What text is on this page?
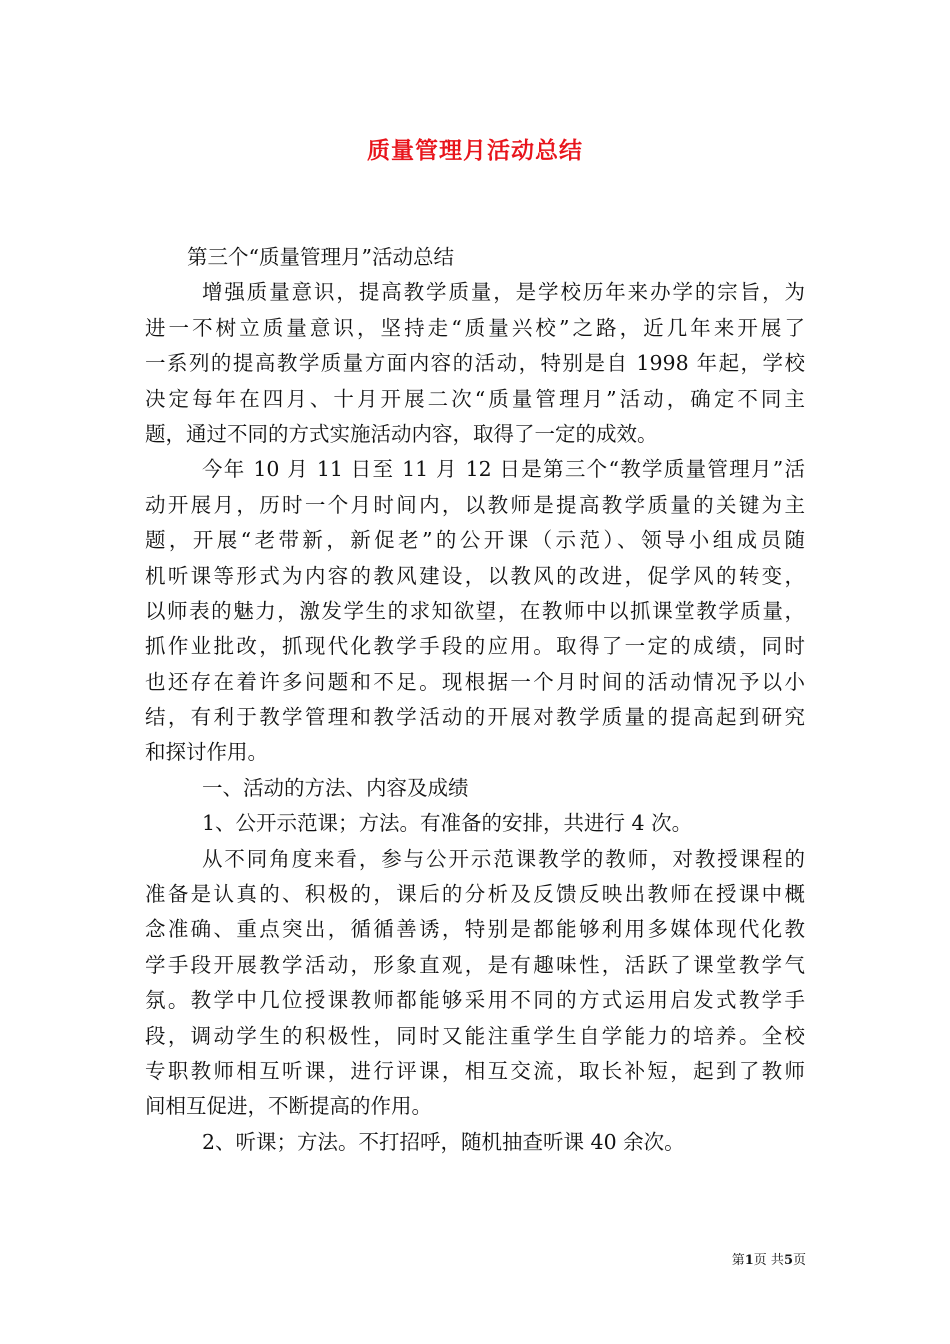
质量管理月活动总结
第三个“质量管理月”活动总结
增强质量意识，提高教学质量，是学校历年来办学的宗旨，为
进一不树立质量意识，坚持走“质量兴校”之路，近几年来开展了
一系列的提高教学质量方面内容的活动，特别是自 1998 年起，学校
决定每年在四月、十月开展二次“质量管理月”活动，确定不同主
题，通过不同的方式实施活动内容，取得了一定的成效。
今年 10 月 11 日至 11 月 12 日是第三个“教学质量管理月”活
动开展月，历时一个月时间内，以教师是提高教学质量的关键为主
题，开展“老带新，新促老”的公开课（示范）、领导小组成员随
机听课等形式为内容的教风建设，以教风的改进，促学风的转变，
以师表的魅力，激发学生的求知欲望，在教师中以抓课堂教学质量，
抓作业批改，抓现代化教学手段的应用。取得了一定的成绩，同时
也还存在着许多问题和不足。现根据一个月时间的活动情况予以小
结，有利于教学管理和教学活动的开展对教学质量的提高起到研究
和探讨作用。
一、活动的方法、内容及成绩
1、公开示范课；方法。有准备的安排，共进行 4 次。
从不同角度来看，参与公开示范课教学的教师，对教授课程的
准备是认真的、积极的，课后的分析及反馈反映出教师在授课中概
念准确、重点突出，循循善诱，特别是都能够利用多媒体现代化教
学手段开展教学活动，形象直观，是有趣味性，活跃了课堂教学气
氛。教学中几位授课教师都能够采用不同的方式运用启发式教学手
段，调动学生的积极性，同时又能注重学生自学能力的培养。全校
专职教师相互听课，进行评课，相互交流，取长补短，起到了教师
间相互促进，不断提高的作用。
2、听课；方法。不打招呼，随机抽查听课 40 余次。
第1页 共5页
